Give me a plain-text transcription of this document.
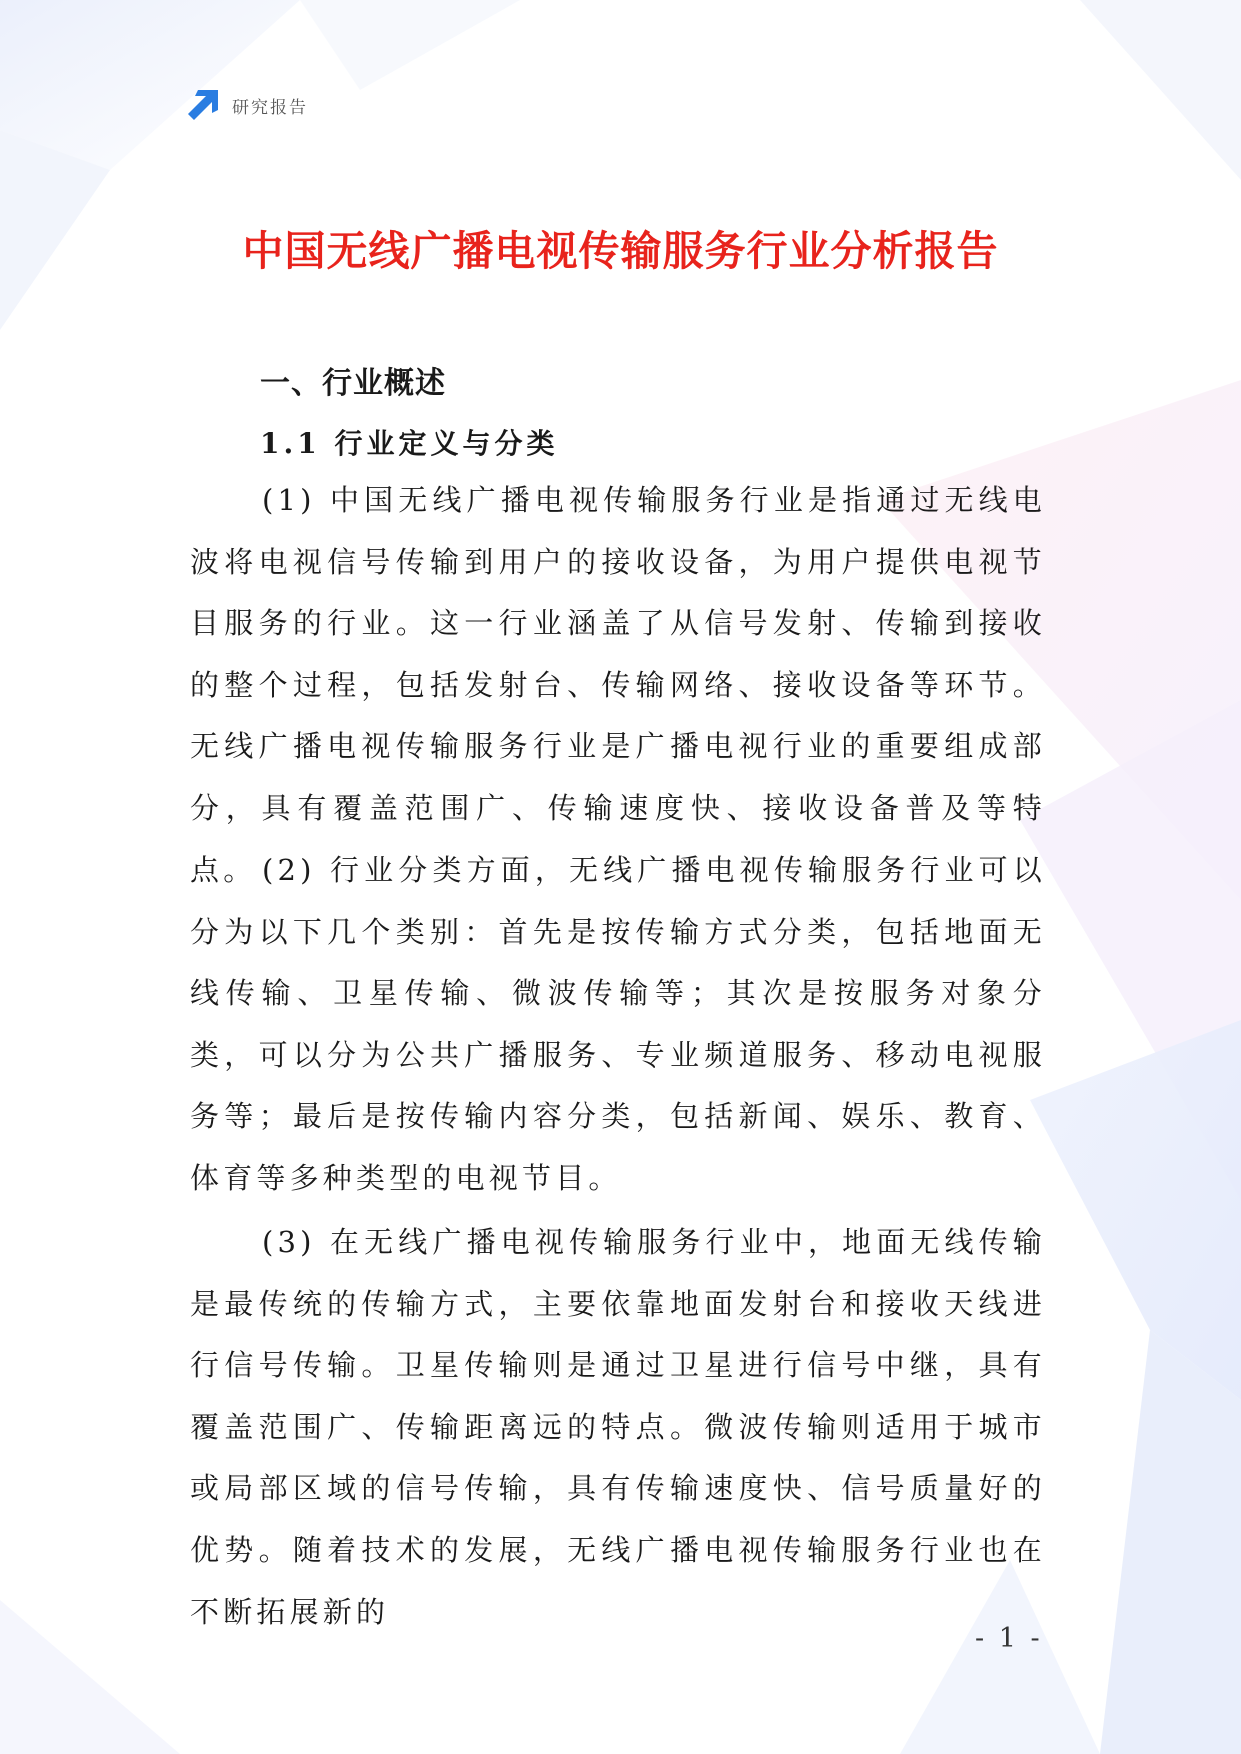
研究报告
中国无线广播电视传输服务行业分析报告
一、行业概述
1.1 行业定义与分类

(1) 中国无线广播电视传输服务行业是指通过无线电波将电视信号传输到用户的接收设备，为用户提供电视节目服务的行业。这一行业涵盖了从信号发射、传输到接收的整个过程，包括发射台、传输网络、接收设备等环节。无线广播电视传输服务行业是广播电视行业的重要组成部分，具有覆盖范围广、传输速度快、接收设备普及等特点。 (2) 行业分类方面，无线广播电视传输服务行业可以分为以下几个类别：首先是按传输方式分类，包括地面无线传输、卫星传输、微波传输等；其次是按服务对象分类，可以分为公共广播服务、专业频道服务、移动电视服务等；最后是按传输内容分类，包括新闻、娱乐、教育、体育等多种类型的电视节目。

(3) 在无线广播电视传输服务行业中，地面无线传输是最传统的传输方式，主要依靠地面发射台和接收天线进行信号传输。卫星传输则是通过卫星进行信号中继，具有覆盖范围广、传输距离远的特点。微波传输则适用于城市或局部区域的信号传输，具有传输速度快、信号质量好的优势。随着技术的发展，无线广播电视传输服务行业也在不断拓展新的

- 1 -
